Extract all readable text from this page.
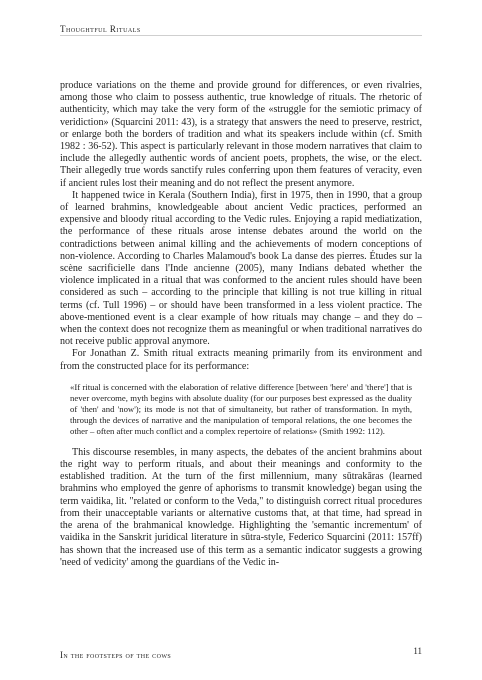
Thoughtful Rituals

produce variations on the theme and provide ground for differences, or even rivalries, among those who claim to possess authentic, true knowledge of rituals. The rhetoric of authenticity, which may take the very form of the «struggle for the semiotic primacy of veridiction» (Squarcini 2011: 43), is a strategy that answers the need to preserve, restrict, or enlarge both the borders of tradition and what its speakers include within (cf. Smith 1982 : 36-52). This aspect is particularly relevant in those modern narratives that claim to include the allegedly authentic words of ancient poets, prophets, the wise, or the elect. Their allegedly true words sanctify rules conferring upon them features of veracity, even if ancient rules lost their meaning and do not reflect the present anymore.

It happened twice in Kerala (Southern India), first in 1975, then in 1990, that a group of learned brahmins, knowledgeable about ancient Vedic practices, performed an expensive and bloody ritual according to the Vedic rules. Enjoying a rapid mediatization, the performance of these rituals arose intense debates around the world on the contradictions between animal killing and the achievements of modern conceptions of non-violence. According to Charles Malamoud's book La danse des pierres. Études sur la scène sacrificielle dans l'Inde ancienne (2005), many Indians debated whether the violence implicated in a ritual that was conformed to the ancient rules should have been considered as such – according to the principle that killing is not true killing in ritual terms (cf. Tull 1996) – or should have been transformed in a less violent practice. The above-mentioned event is a clear example of how rituals may change – and they do – when the context does not recognize them as meaningful or when traditional narratives do not receive public approval anymore.

For Jonathan Z. Smith ritual extracts meaning primarily from its environment and from the constructed place for its performance:

«If ritual is concerned with the elaboration of relative difference [between 'here' and 'there'] that is never overcome, myth begins with absolute duality (for our purposes best expressed as the duality of 'then' and 'now'); its mode is not that of simultaneity, but rather of transformation. In myth, through the devices of narrative and the manipulation of temporal relations, the one becomes the other – often after much conflict and a complex repertoire of relations» (Smith 1992: 112).

This discourse resembles, in many aspects, the debates of the ancient brahmins about the right way to perform rituals, and about their meanings and conformity to the established tradition. At the turn of the first millennium, many sūtrakāras (learned brahmins who employed the genre of aphorisms to transmit knowledge) began using the term vaidika, lit. "related or conform to the Veda," to distinguish correct ritual procedures from their unacceptable variants or alternative customs that, at that time, had spread in the arena of the brahmanical knowledge. Highlighting the 'semantic incrementum' of vaidika in the Sanskrit juridical literature in sūtra-style, Federico Squarcini (2011: 157ff) has shown that the increased use of this term as a semantic indicator suggests a growing 'need of vedicity' among the guardians of the Vedic in-

In the footsteps of the cows	11
